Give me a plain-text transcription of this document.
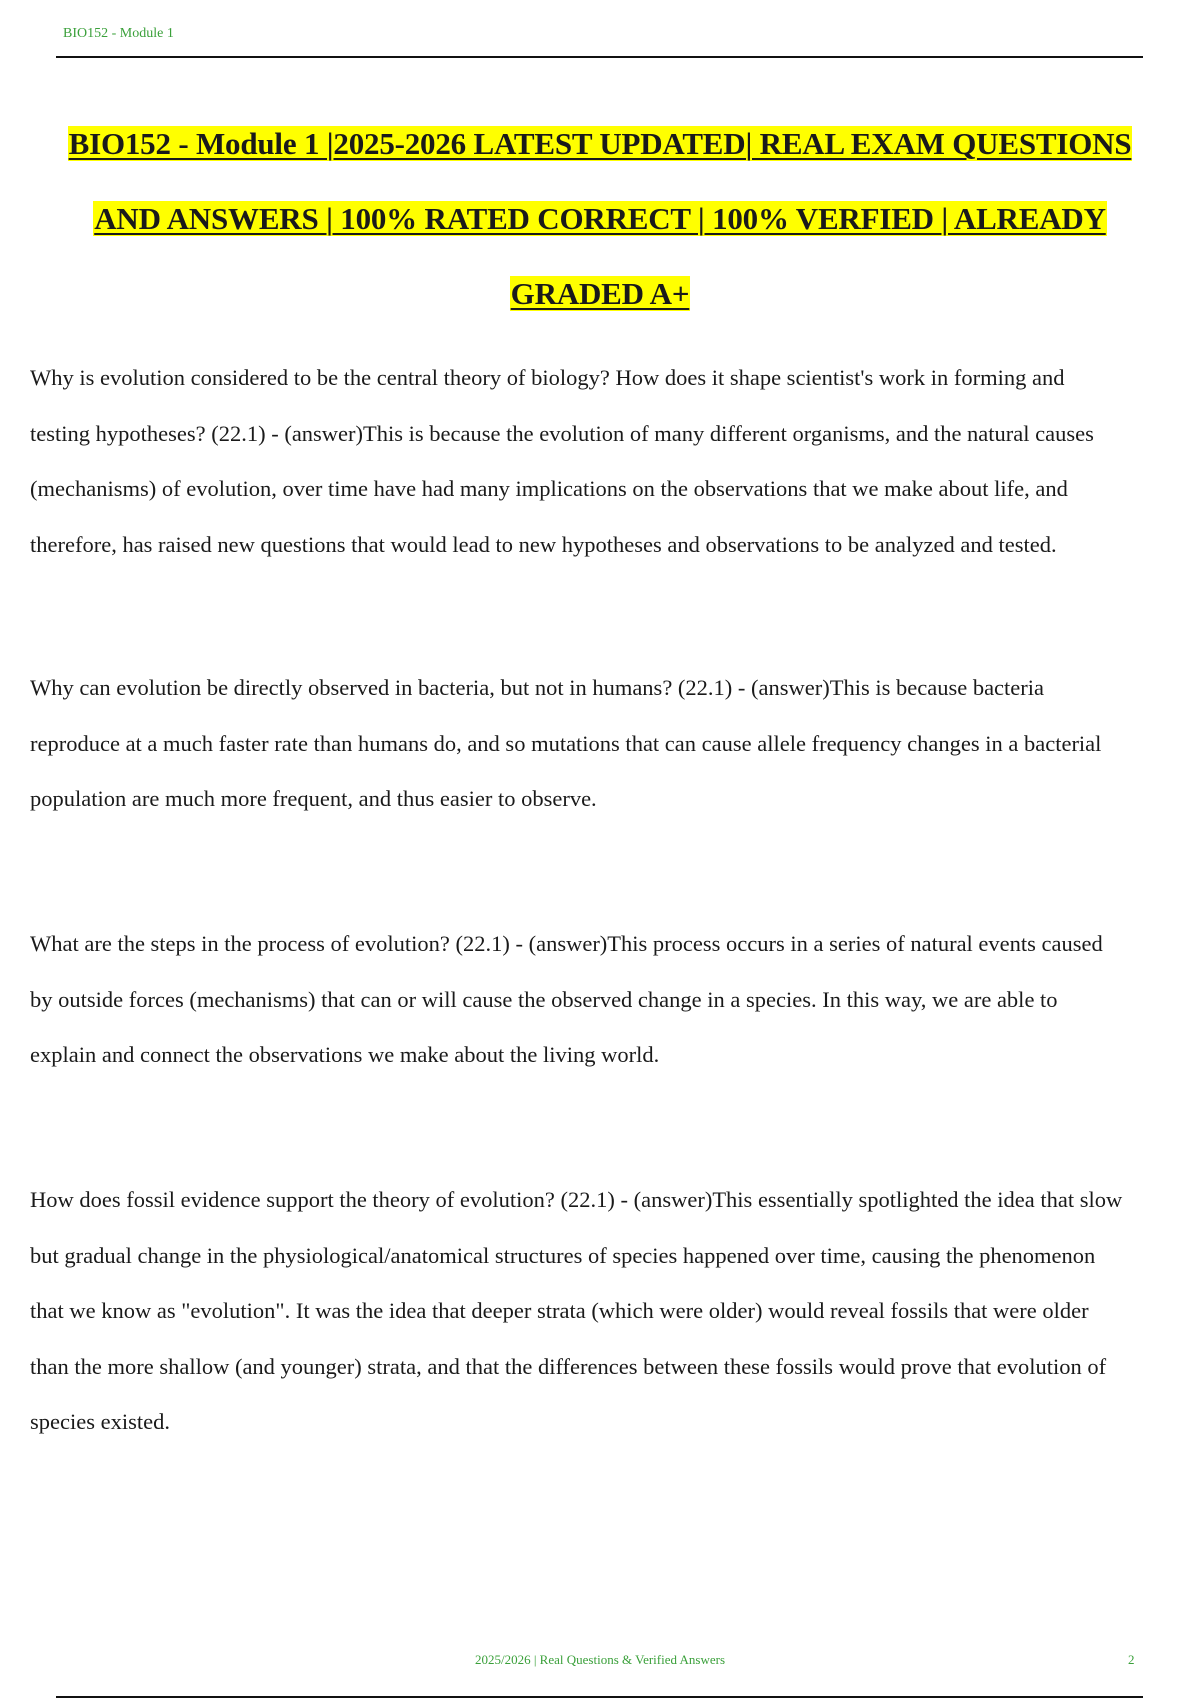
BIO152 - Module 1
BIO152 - Module 1 |2025-2026 LATEST UPDATED| REAL EXAM QUESTIONS
AND ANSWERS | 100% RATED CORRECT | 100% VERFIED | ALREADY
GRADED A+
Why is evolution considered to be the central theory of biology? How does it shape scientist's work in forming and
testing hypotheses? (22.1) - (answer)This is because the evolution of many different organisms, and the natural causes
(mechanisms) of evolution, over time have had many implications on the observations that we make about life, and
therefore, has raised new questions that would lead to new hypotheses and observations to be analyzed and tested.
Why can evolution be directly observed in bacteria, but not in humans? (22.1) - (answer)This is because bacteria
reproduce at a much faster rate than humans do, and so mutations that can cause allele frequency changes in a bacterial
population are much more frequent, and thus easier to observe.
What are the steps in the process of evolution? (22.1) - (answer)This process occurs in a series of natural events caused
by outside forces (mechanisms) that can or will cause the observed change in a species. In this way, we are able to
explain and connect the observations we make about the living world.
How does fossil evidence support the theory of evolution? (22.1) - (answer)This essentially spotlighted the idea that slow
but gradual change in the physiological/anatomical structures of species happened over time, causing the phenomenon
that we know as "evolution". It was the idea that deeper strata (which were older) would reveal fossils that were older
than the more shallow (and younger) strata, and that the differences between these fossils would prove that evolution of
species existed.
2025/2026 | Real Questions & Verified Answers	2
